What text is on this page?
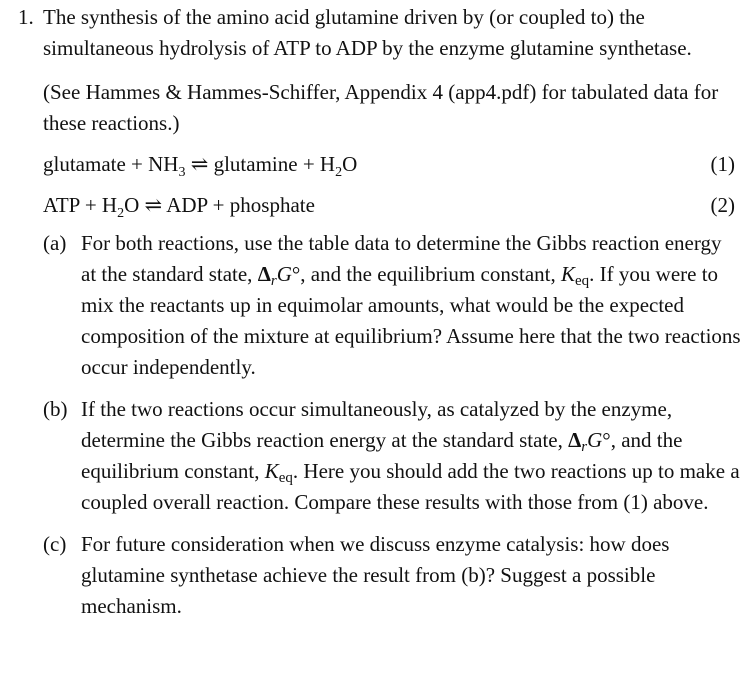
1. The synthesis of the amino acid glutamine driven by (or coupled to) the simultaneous hydrolysis of ATP to ADP by the enzyme glutamine synthetase.

(See Hammes & Hammes-Schiffer, Appendix 4 (app4.pdf) for tabulated data for these reactions.)

glutamate + $NH_3$ ⇌ glutamine + $H_2O$	( 1 )
ATP + $H_2O$ ⇌ ADP + phosphate	( 2 )
( a )	For both reactions, use the table data to determine the Gibbs reaction energy at the standard state, ΔrG°, and the equilibrium constant, Keq. If you were to mix the reactants up in equimolar amounts, what would be the expected composition of the mixture at equilibrium? Assume here that the two reactions occur independently.
( b ) If the two reactions occur simultaneously, as catalyzed by the enzyme, determine the Gibbs reaction energy at the standard state, ΔrG°, and the equilibrium constant, Keq. Here you should add the two reactions up to make a coupled overall reaction. Compare these results with those from (1) above.
( c )	For future consideration when we discuss enzyme catalysis: how does glutamine synthetase achieve the result from (b)? Suggest a possible mechanism.
